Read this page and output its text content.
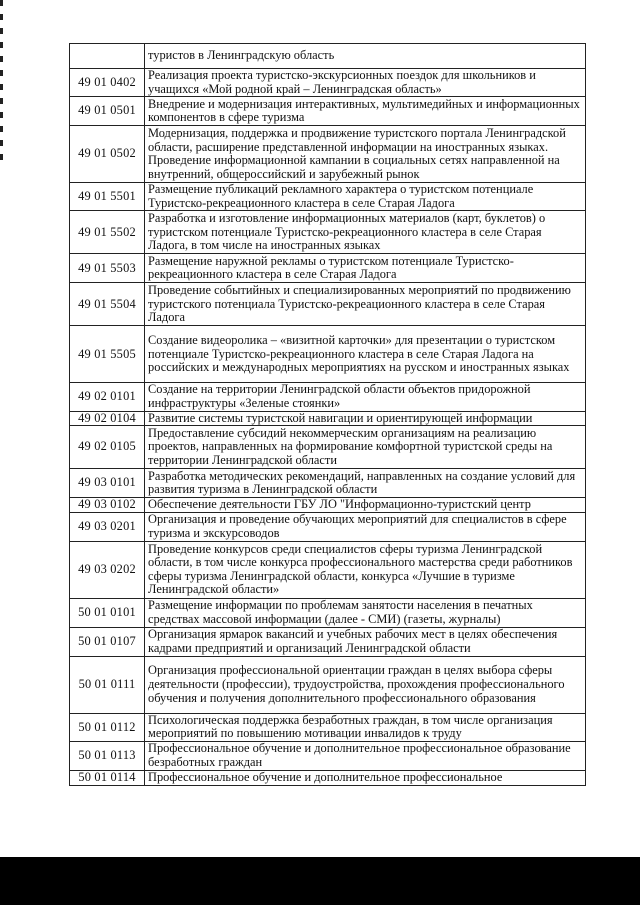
	туристов в Ленинградскую область
49 01 0402	Реализация проекта туристско-экскурсионных поездок для школьников и учащихся «Мой родной край – Ленинградская область»
49 01 0501	Внедрение и модернизация интерактивных, мультимедийных и информационных компонентов в сфере туризма
49 01 0502	Модернизация, поддержка и продвижение туристского портала Ленинградской области, расширение представленной информации на иностранных языках. Проведение информационной кампании в социальных сетях направленной на внутренний, общероссийский и зарубежный рынок
49 01 5501	Размещение публикаций рекламного характера о туристском потенциале Туристско-рекреационного кластера в селе Старая Ладога
49 01 5502	Разработка и изготовление информационных материалов (карт, буклетов) о туристском потенциале Туристско-рекреационного кластера в селе Старая Ладога, в том числе на иностранных языках
49 01 5503	Размещение наружной рекламы о туристском потенциале Туристско-рекреационного кластера в селе Старая Ладога
49 01 5504	Проведение событийных и специализированных мероприятий по продвижению туристского потенциала Туристско-рекреационного кластера в селе Старая Ладога
49 01 5505	Создание видеоролика – «визитной карточки» для презентации о туристском потенциале Туристско-рекреационного кластера в селе Старая Ладога на российских и международных мероприятиях на русском и иностранных языках
49 02 0101	Создание на территории Ленинградской области объектов придорожной инфраструктуры «Зеленые стоянки»
49 02 0104	Развитие системы туристской навигации и ориентирующей информации
49 02 0105	Предоставление субсидий некоммерческим организациям на реализацию проектов, направленных на формирование комфортной туристской среды на территории Ленинградской области
49 03 0101	Разработка методических рекомендаций, направленных на создание условий для развития туризма в Ленинградской области
49 03 0102	Обеспечение деятельности ГБУ ЛО "Информационно-туристский центр
49 03 0201	Организация и проведение обучающих мероприятий для специалистов в сфере туризма и экскурсоводов
49 03 0202	Проведение конкурсов среди специалистов сферы туризма Ленинградской области, в том числе конкурса профессионального мастерства среди работников сферы туризма Ленинградской области, конкурса «Лучшие в туризме Ленинградской области»
50 01 0101	Размещение информации по проблемам занятости населения в печатных средствах массовой информации (далее - СМИ) (газеты, журналы)
50 01 0107	Организация ярмарок вакансий и учебных рабочих мест в целях обеспечения кадрами предприятий и организаций Ленинградской области
50 01 0111	Организация профессиональной ориентации граждан в целях выбора сферы деятельности (профессии), трудоустройства, прохождения профессионального обучения и получения дополнительного профессионального образования
50 01 0112	Психологическая поддержка безработных граждан, в том числе организация мероприятий по повышению мотивации инвалидов к труду
50 01 0113	Профессиональное обучение и дополнительное профессиональное образование безработных граждан
50 01 0114	Профессиональное обучение и дополнительное профессиональное
